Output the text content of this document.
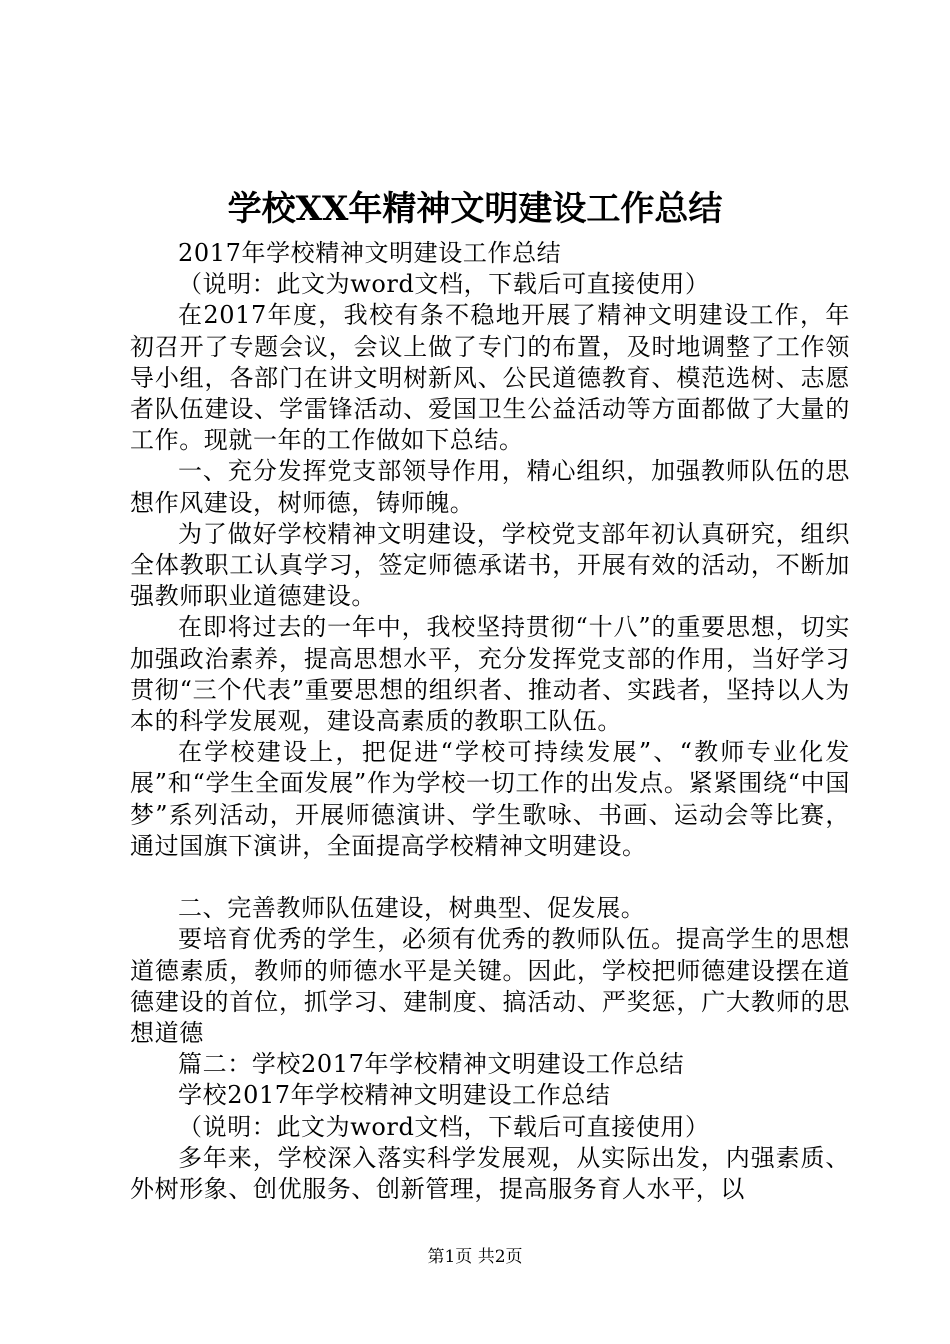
学校XX年精神文明建设工作总结

2017年学校精神文明建设工作总结

（说明：此文为word文档，下载后可直接使用）

在2017年度，我校有条不稳地开展了精神文明建设工作，年初召开了专题会议，会议上做了专门的布置，及时地调整了工作领导小组，各部门在讲文明树新风、公民道德教育、模范选树、志愿者队伍建设、学雷锋活动、爱国卫生公益活动等方面都做了大量的工作。现就一年的工作做如下总结。

一、充分发挥党支部领导作用，精心组织，加强教师队伍的思想作风建设，树师德，铸师魄。

为了做好学校精神文明建设，学校党支部年初认真研究，组织全体教职工认真学习，签定师德承诺书，开展有效的活动，不断加强教师职业道德建设。

在即将过去的一年中，我校坚持贯彻“十八”的重要思想，切实加强政治素养，提高思想水平，充分发挥党支部的作用，当好学习贯彻“三个代表”重要思想的组织者、推动者、实践者，坚持以人为本的科学发展观，建设高素质的教职工队伍。

在学校建设上，把促进“学校可持续发展”、“教师专业化发展”和“学生全面发展”作为学校一切工作的出发点。紧紧围绕“中国梦”系列活动，开展师德演讲、学生歌咏、书画、运动会等比赛，通过国旗下演讲，全面提高学校精神文明建设。

二、完善教师队伍建设，树典型、促发展。

要培育优秀的学生，必须有优秀的教师队伍。提高学生的思想道德素质，教师的师德水平是关键。因此，学校把师德建设摆在道德建设的首位，抓学习、建制度、搞活动、严奖惩，广大教师的思想道德

篇二：学校2017年学校精神文明建设工作总结

学校2017年学校精神文明建设工作总结

（说明：此文为word文档，下载后可直接使用）

多年来，学校深入落实科学发展观，从实际出发，内强素质、外树形象、创优服务、创新管理，提高服务育人水平，以

第1页 共2页
